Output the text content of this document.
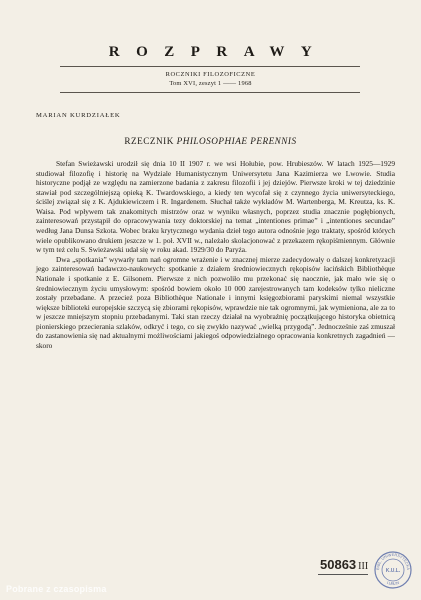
ROZPRAWY
ROCZNIKI FILOZOFICZNE
Tom XVI, zeszyt 1 —— 1968
MARIAN KURDZIAŁEK
RZECZNIK PHILOSOPHIAE PERENNIS

Stefan Swieżawski urodził się dnia 10 II 1907 r. we wsi Hołubie, pow. Hrubieszów. W latach 1925—1929 studiował filozofię i historię na Wydziale Humanistycznym Uniwersytetu Jana Kazimierza we Lwowie. Studia historyczne podjął ze względu na zamierzone badania z zakresu filozofii i jej dziejów. Pierwsze kroki w tej dziedzinie stawiał pod szczególniejszą opieką K. Twardowskiego, a kiedy ten wycofał się z czynnego życia uniwersyteckiego, ściślej związał się z K. Ajdukiewiczem i R. Ingardenem. Słuchał także wykładów M. Wartenberga, M. Kreutza, ks. K. Waisa. Pod wpływem tak znakomitych mistrzów oraz w wyniku własnych, poprzez studia znacznie pogłębionych, zainteresowań przystąpił do opracowywania tezy doktorskiej na temat „intentiones primae” i „intentiones secundae” według Jana Dunsa Szkota. Wobec braku krytycznego wydania dzieł tego autora odnośnie jego traktaty, spośród których wiele opublikowano drukiem jeszcze w 1. poł. XVII w., należało skolacjonować z przekazem rękopiśmiennym. Głównie w tym też celu S. Swieżawski udał się w roku akad. 1929/30 do Paryża.

Dwa „spotkania” wywarły tam nań ogromne wrażenie i w znacznej mierze zadecydowały o dalszej konkretyzacji jego zainteresowań badawczo-naukowych: spotkanie z działem średniowiecznych rękopisów łacińskich Bibliothèque Nationale i spotkanie z E. Gilsonem. Pierwsze z nich pozwoliło mu przekonać się naocznie, jak mało wie się o średniowiecznym życiu umysłowym: spośród bowiem około 10 000 zarejestrowanych tam kodeksów tylko nieliczne zostały przebadane. A przecież poza Bibliothèque Nationale i innymi księgozbiorami paryskimi niemal wszystkie większe biblioteki europejskie szczycą się zbiorami rękopisów, wprawdzie nie tak ogromnymi, jak wymieniona, ale za to w jeszcze mniejszym stopniu przebadanymi. Taki stan rzeczy działał na wyobraźnię początkującego historyka obietnicą pionierskiego przecierania szlaków, odkryć i tego, co się zwykło nazywać „wielką przygodą”. Jednocześnie zaś zmuszał do zastanowienia się nad aktualnymi możliwościami jakiegoś odpowiedzialnego opracowania konkretnych zagadnień — skoro

50863 III BIBL. UNIWERSYTECKA
K.U.L.
LUBLIN
Pobrane z czasopisma
